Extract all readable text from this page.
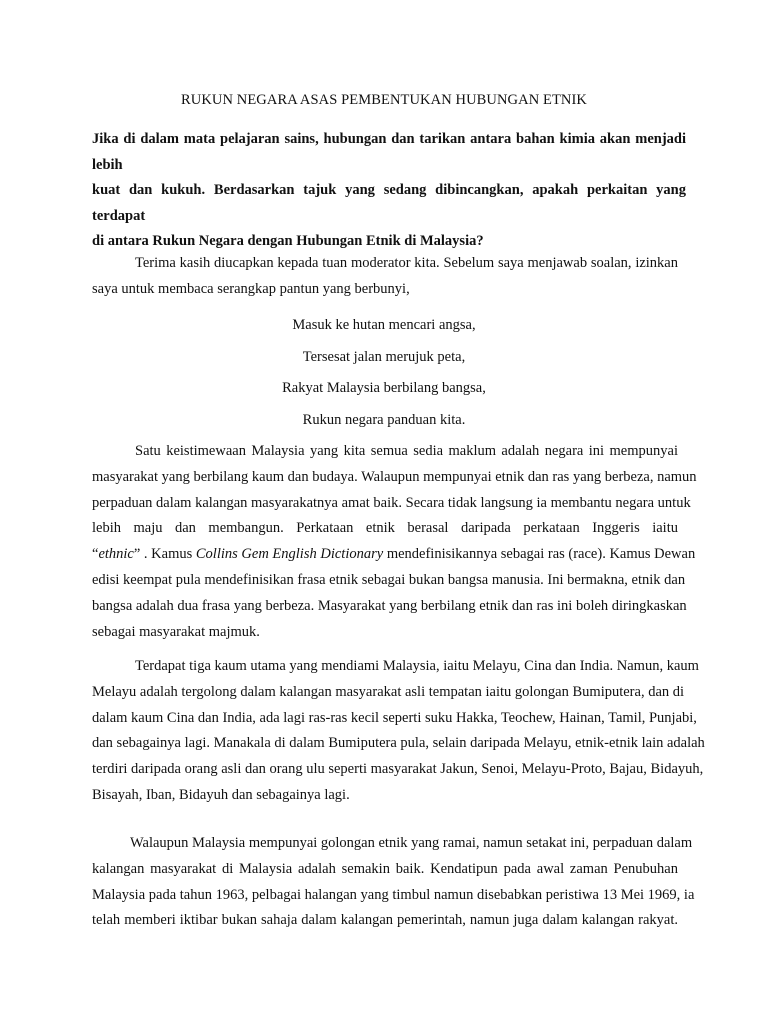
RUKUN NEGARA ASAS PEMBENTUKAN HUBUNGAN ETNIK
Jika di dalam mata pelajaran sains, hubungan dan tarikan antara bahan kimia akan menjadi lebih
kuat dan kukuh. Berdasarkan tajuk yang sedang dibincangkan, apakah perkaitan yang terdapat
di antara Rukun Negara dengan Hubungan Etnik di Malaysia?
Terima kasih diucapkan kepada tuan moderator kita. Sebelum saya menjawab soalan, izinkan
saya untuk membaca serangkap pantun yang berbunyi,
Masuk ke hutan mencari angsa,
Tersesat jalan merujuk peta,
Rakyat Malaysia berbilang bangsa,
Rukun negara panduan kita.
Satu keistimewaan Malaysia yang kita semua sedia maklum adalah negara ini mempunyai
masyarakat yang berbilang kaum dan budaya. Walaupun mempunyai etnik dan ras yang berbeza, namun
perpaduan dalam kalangan masyarakatnya amat baik. Secara tidak langsung ia membantu negara untuk
lebih maju dan membangun. Perkataan etnik berasal daripada perkataan Inggeris iaitu
“ethnic” . Kamus Collins Gem English Dictionary mendefinisikannya sebagai ras (race). Kamus Dewan
edisi keempat pula mendefinisikan frasa etnik sebagai bukan bangsa manusia. Ini bermakna, etnik dan
bangsa adalah dua frasa yang berbeza. Masyarakat yang berbilang etnik dan ras ini boleh diringkaskan
sebagai masyarakat majmuk.
Terdapat tiga kaum utama yang mendiami Malaysia, iaitu Melayu, Cina dan India. Namun, kaum
Melayu adalah tergolong dalam kalangan masyarakat asli tempatan iaitu golongan Bumiputera, dan di
dalam kaum Cina dan India, ada lagi ras-ras kecil seperti suku Hakka, Teochew, Hainan, Tamil, Punjabi,
dan sebagainya lagi. Manakala di dalam Bumiputera pula, selain daripada Melayu, etnik-etnik lain adalah
terdiri daripada orang asli dan orang ulu seperti masyarakat Jakun, Senoi, Melayu-Proto, Bajau, Bidayuh,
Bisayah, Iban, Bidayuh dan sebagainya lagi.
Walaupun Malaysia mempunyai golongan etnik yang ramai, namun setakat ini, perpaduan dalam
kalangan masyarakat di Malaysia adalah semakin baik. Kendatipun pada awal zaman Penubuhan
Malaysia pada tahun 1963, pelbagai halangan yang timbul namun disebabkan peristiwa 13 Mei 1969, ia
telah memberi iktibar bukan sahaja dalam kalangan pemerintah, namun juga dalam kalangan rakyat.
